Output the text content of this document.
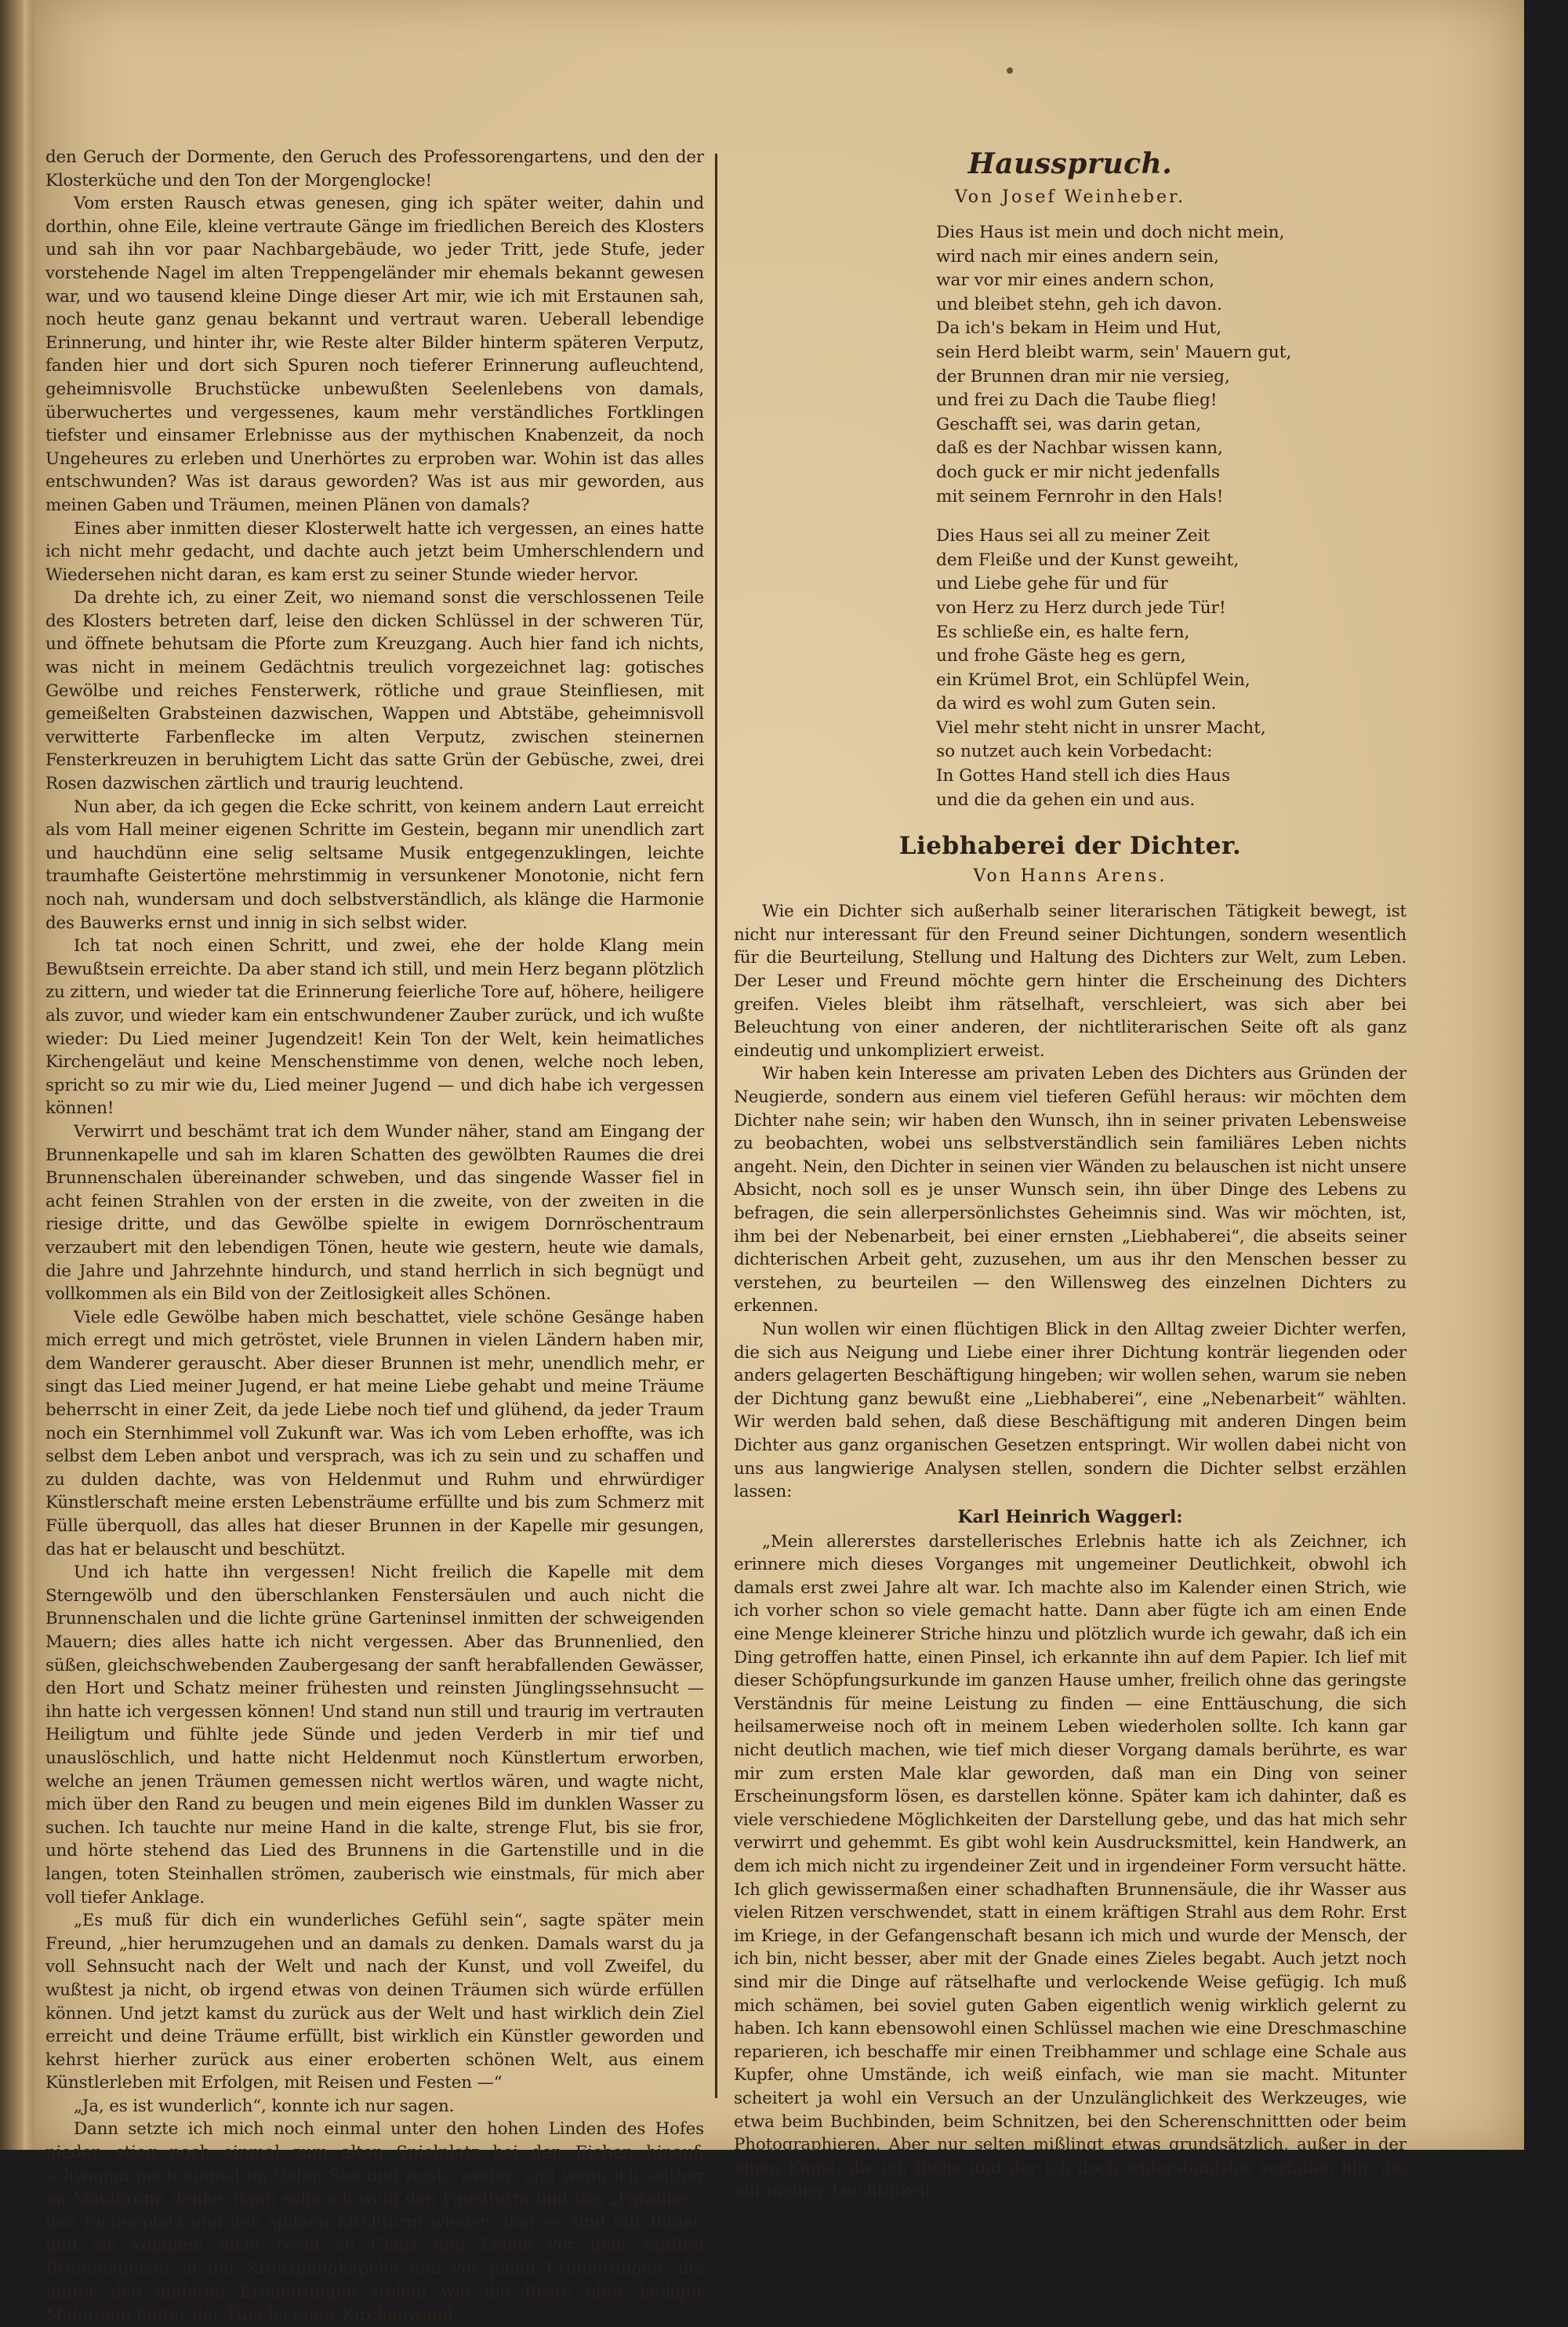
den Geruch der Dormente, den Geruch des Professorengartens, und den der Klosterküche und den Ton der Morgenglocke!

Vom ersten Rausch etwas genesen, ging ich später weiter, dahin und dorthin, ohne Eile, kleine vertraute Gänge im friedlichen Bereich des Klosters und sah ihn vor paar Nachbargebäude, wo jeder Tritt, jede Stufe, jeder vorstehende Nagel im alten Treppengeländer mir ehemals bekannt gewesen war, und wo tausend kleine Dinge dieser Art mir, wie ich mit Erstaunen sah, noch heute ganz genau bekannt und vertraut waren. Ueberall lebendige Erinnerung, und hinter ihr, wie Reste alter Bilder hinterm späteren Verputz, fanden hier und dort sich Spuren noch tieferer Erinnerung aufleuchtend, geheimnisvolle Bruchstücke unbewußten Seelenlebens von damals, überwuchertes und vergessenes, kaum mehr verständliches Fortklingen tiefster und einsamer Erlebnisse aus der mythischen Knabenzeit, da noch Ungeheures zu erleben und Unerhörtes zu erproben war. Wohin ist das alles entschwunden? Was ist daraus geworden? Was ist aus mir geworden, aus meinen Gaben und Träumen, meinen Plänen von damals?

Eines aber inmitten dieser Klosterwelt hatte ich vergessen, an eines hatte ich nicht mehr gedacht, und dachte auch jetzt beim Umherschlendern und Wiedersehen nicht daran, es kam erst zu seiner Stunde wieder hervor.

Da drehte ich, zu einer Zeit, wo niemand sonst die verschlossenen Teile des Klosters betreten darf, leise den dicken Schlüssel in der schweren Tür, und öffnete behutsam die Pforte zum Kreuzgang. Auch hier fand ich nichts, was nicht in meinem Gedächtnis treulich vorgezeichnet lag: gotisches Gewölbe und reiches Fensterwerk, rötliche und graue Steinfliesen, mit gemeißelten Grabsteinen dazwischen, Wappen und Abtstäbe, geheimnisvoll verwitterte Farbenflecke im alten Verputz, zwischen steinernen Fensterkreuzen in beruhigtem Licht das satte Grün der Gebüsche, zwei, drei Rosen dazwischen zärtlich und traurig leuchtend.

Nun aber, da ich gegen die Ecke schritt, von keinem andern Laut erreicht als vom Hall meiner eigenen Schritte im Gestein, begann mir unendlich zart und hauchdünn eine selig seltsame Musik entgegenzuklingen, leichte traumhafte Geistertöne mehrstimmig in versunkener Monotonie, nicht fern noch nah, wundersam und doch selbstverständlich, als klänge die Harmonie des Bauwerks ernst und innig in sich selbst wider.

Ich tat noch einen Schritt, und zwei, ehe der holde Klang mein Bewußtsein erreichte. Da aber stand ich still, und mein Herz begann plötzlich zu zittern, und wieder tat die Erinnerung feierliche Tore auf, höhere, heiligere als zuvor, und wieder kam ein entschwundener Zauber zurück, und ich wußte wieder: Du Lied meiner Jugendzeit! Kein Ton der Welt, kein heimatliches Kirchengeläut und keine Menschenstimme von denen, welche noch leben, spricht so zu mir wie du, Lied meiner Jugend — und dich habe ich vergessen können!

Verwirrt und beschämt trat ich dem Wunder näher, stand am Eingang der Brunnenkapelle und sah im klaren Schatten des gewölbten Raumes die drei Brunnenschalen übereinander schweben, und das singende Wasser fiel in acht feinen Strahlen von der ersten in die zweite, von der zweiten in die riesige dritte, und das Gewölbe spielte in ewigem Dornröschentraum verzaubert mit den lebendigen Tönen, heute wie gestern, heute wie damals, die Jahre und Jahrzehnte hindurch, und stand herrlich in sich begnügt und vollkommen als ein Bild von der Zeitlosigkeit alles Schönen.

Viele edle Gewölbe haben mich beschattet, viele schöne Gesänge haben mich erregt und mich getröstet, viele Brunnen in vielen Ländern haben mir, dem Wanderer gerauscht. Aber dieser Brunnen ist mehr, unendlich mehr, er singt das Lied meiner Jugend, er hat meine Liebe gehabt und meine Träume beherrscht in einer Zeit, da jede Liebe noch tief und glühend, da jeder Traum noch ein Sternhimmel voll Zukunft war. Was ich vom Leben erhoffte, was ich selbst dem Leben anbot und versprach, was ich zu sein und zu schaffen und zu dulden dachte, was von Heldenmut und Ruhm und ehrwürdiger Künstlerschaft meine ersten Lebensträume erfüllte und bis zum Schmerz mit Fülle überquoll, das alles hat dieser Brunnen in der Kapelle mir gesungen, das hat er belauscht und beschützt.

Und ich hatte ihn vergessen! Nicht freilich die Kapelle mit dem Sterngewölb und den überschlanken Fenstersäulen und auch nicht die Brunnenschalen und die lichte grüne Garteninsel inmitten der schweigenden Mauern; dies alles hatte ich nicht vergessen. Aber das Brunnenlied, den süßen, gleichschwebenden Zaubergesang der sanft herabfallenden Gewässer, den Hort und Schatz meiner frühesten und reinsten Jünglingssehnsucht — ihn hatte ich vergessen können! Und stand nun still und traurig im vertrauten Heiligtum und fühlte jede Sünde und jeden Verderb in mir tief und unauslöschlich, und hatte nicht Heldenmut noch Künstlertum erworben, welche an jenen Träumen gemessen nicht wertlos wären, und wagte nicht, mich über den Rand zu beugen und mein eigenes Bild im dunklen Wasser zu suchen. Ich tauchte nur meine Hand in die kalte, strenge Flut, bis sie fror, und hörte stehend das Lied des Brunnens in die Gartenstille und in die langen, toten Steinhallen strömen, zauberisch wie einstmals, für mich aber voll tiefer Anklage.

„Es muß für dich ein wunderliches Gefühl sein“, sagte später mein Freund, „hier herumzugehen und an damals zu denken. Damals warst du ja voll Sehnsucht nach der Welt und nach der Kunst, und voll Zweifel, du wußtest ja nicht, ob irgend etwas von deinen Träumen sich würde erfüllen können. Und jetzt kamst du zurück aus der Welt und hast wirklich dein Ziel erreicht und deine Träume erfüllt, bist wirklich ein Künstler geworden und kehrst hierher zurück aus einer eroberten schönen Welt, aus einem Künstlerleben mit Erfolgen, mit Reisen und Festen —“

„Ja, es ist wunderlich“, konnte ich nur sagen.

Dann setzte ich mich noch einmal unter den hohen Linden des Hofes nieder, stieg noch einmal zum alten Spielplatz bei den Eichen hinauf, schwamm noch einmal im tiefen See und reiste weiter, und wenn ich seither an Maulbronn denke, dann sehe ich wohl den Faustturm und das „Paradies“, den Eichenplatz und den spitzen Kirchturm wieder, aber es sind nur Bilder, und sie kommen nicht recht zu Glanz und Leben vor dem sanften Brunnengeläut in der Kreuzgangkapelle und vor jenen Erinnerungen, die hinter den anderen Erinnerungen stehen wie die Reste alter heiliger Malereien hinter der Tünche einer Kirchenwand.

Hausspruch.
Von Josef Weinheber.
Dies Haus ist mein und doch nicht mein,
wird nach mir eines andern sein,
war vor mir eines andern schon,
und bleibet stehn, geh ich davon.
Da ich's bekam in Heim und Hut,
sein Herd bleibt warm, sein' Mauern gut,
der Brunnen dran mir nie versieg,
und frei zu Dach die Taube flieg!
Geschafft sei, was darin getan,
daß es der Nachbar wissen kann,
doch guck er mir nicht jedenfalls
mit seinem Fernrohr in den Hals!
Dies Haus sei all zu meiner Zeit
dem Fleiße und der Kunst geweiht,
und Liebe gehe für und für
von Herz zu Herz durch jede Tür!
Es schließe ein, es halte fern,
und frohe Gäste heg es gern,
ein Krümel Brot, ein Schlüpfel Wein,
da wird es wohl zum Guten sein.
Viel mehr steht nicht in unsrer Macht,
so nutzet auch kein Vorbedacht:
In Gottes Hand stell ich dies Haus
und die da gehen ein und aus.
Liebhaberei der Dichter.
Von Hanns Arens.

Wie ein Dichter sich außerhalb seiner literarischen Tätigkeit bewegt, ist nicht nur interessant für den Freund seiner Dichtungen, sondern wesentlich für die Beurteilung, Stellung und Haltung des Dichters zur Welt, zum Leben. Der Leser und Freund möchte gern hinter die Erscheinung des Dichters greifen. Vieles bleibt ihm rätselhaft, verschleiert, was sich aber bei Beleuchtung von einer anderen, der nichtliterarischen Seite oft als ganz eindeutig und unkompliziert erweist.

Wir haben kein Interesse am privaten Leben des Dichters aus Gründen der Neugierde, sondern aus einem viel tieferen Gefühl heraus: wir möchten dem Dichter nahe sein; wir haben den Wunsch, ihn in seiner privaten Lebensweise zu beobachten, wobei uns selbstverständlich sein familiäres Leben nichts angeht. Nein, den Dichter in seinen vier Wänden zu belauschen ist nicht unsere Absicht, noch soll es je unser Wunsch sein, ihn über Dinge des Lebens zu befragen, die sein allerpersönlichstes Geheimnis sind. Was wir möchten, ist, ihm bei der Nebenarbeit, bei einer ernsten „Liebhaberei“, die abseits seiner dichterischen Arbeit geht, zuzusehen, um aus ihr den Menschen besser zu verstehen, zu beurteilen — den Willensweg des einzelnen Dichters zu erkennen.

Nun wollen wir einen flüchtigen Blick in den Alltag zweier Dichter werfen, die sich aus Neigung und Liebe einer ihrer Dichtung konträr liegenden oder anders gelagerten Beschäftigung hingeben; wir wollen sehen, warum sie neben der Dichtung ganz bewußt eine „Liebhaberei“, eine „Nebenarbeit“ wählten. Wir werden bald sehen, daß diese Beschäftigung mit anderen Dingen beim Dichter aus ganz organischen Gesetzen entspringt. Wir wollen dabei nicht von uns aus langwierige Analysen stellen, sondern die Dichter selbst erzählen lassen:

Karl Heinrich Waggerl:

„Mein allererstes darstellerisches Erlebnis hatte ich als Zeichner, ich erinnere mich dieses Vorganges mit ungemeiner Deutlichkeit, obwohl ich damals erst zwei Jahre alt war. Ich machte also im Kalender einen Strich, wie ich vorher schon so viele gemacht hatte. Dann aber fügte ich am einen Ende eine Menge kleinerer Striche hinzu und plötzlich wurde ich gewahr, daß ich ein Ding getroffen hatte, einen Pinsel, ich erkannte ihn auf dem Papier. Ich lief mit dieser Schöpfungsurkunde im ganzen Hause umher, freilich ohne das geringste Verständnis für meine Leistung zu finden — eine Enttäuschung, die sich heilsamerweise noch oft in meinem Leben wiederholen sollte. Ich kann gar nicht deutlich machen, wie tief mich dieser Vorgang damals berührte, es war mir zum ersten Male klar geworden, daß man ein Ding von seiner Erscheinungsform lösen, es darstellen könne. Später kam ich dahinter, daß es viele verschiedene Möglichkeiten der Darstellung gebe, und das hat mich sehr verwirrt und gehemmt. Es gibt wohl kein Ausdrucksmittel, kein Handwerk, an dem ich mich nicht zu irgendeiner Zeit und in irgendeiner Form versucht hätte. Ich glich gewissermaßen einer schadhaften Brunnensäule, die ihr Wasser aus vielen Ritzen verschwendet, statt in einem kräftigen Strahl aus dem Rohr. Erst im Kriege, in der Gefangenschaft besann ich mich und wurde der Mensch, der ich bin, nicht besser, aber mit der Gnade eines Zieles begabt. Auch jetzt noch sind mir die Dinge auf rätselhafte und verlockende Weise gefügig. Ich muß mich schämen, bei soviel guten Gaben eigentlich wenig wirklich gelernt zu haben. Ich kann ebensowohl einen Schlüssel machen wie eine Dreschmaschine reparieren, ich beschaffe mir einen Treibhammer und schlage eine Schale aus Kupfer, ohne Umstände, ich weiß einfach, wie man sie macht. Mitunter scheitert ja wohl ein Versuch an der Unzulänglichkeit des Werkzeuges, wie etwa beim Buchbinden, beim Schnitzen, bei den Scherenschnittten oder beim Photographieren. Aber nur selten mißlingt etwas grundsätzlich, außer in der einen Kunst, die ich fliehe und der ich doch widerstandslos verfallen bin, die mit meiner Leichtigkeit
